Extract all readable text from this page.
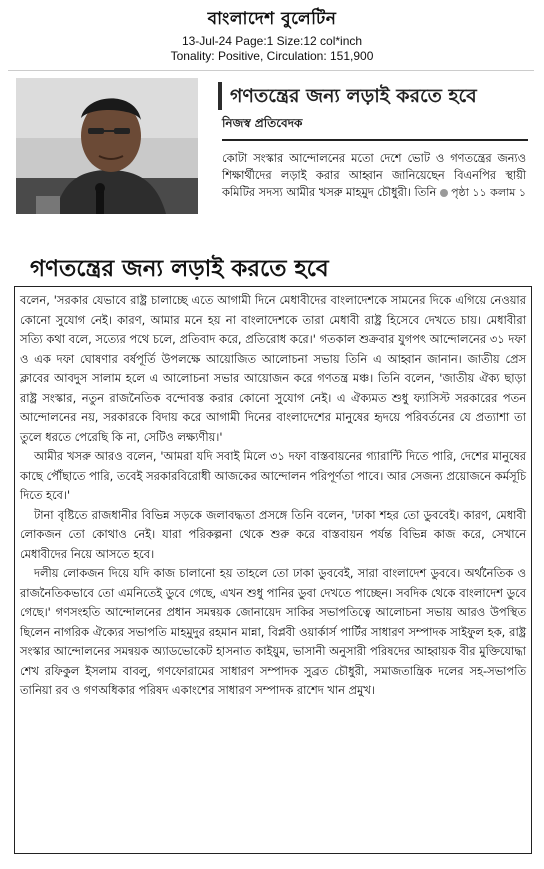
বাংলাদেশ বুলেটিন
13-Jul-24 Page:1 Size:12 col*inch
Tonality: Positive, Circulation: 151,900
গণতন্ত্রের জন্য লড়াই করতে হবে
নিজস্ব প্রতিবেদক
কোটা সংস্কার আন্দোলনের মতো দেশে ভোট ও গণতন্ত্রের জন্যও শিক্ষার্থীদের লড়াই করার আহ্বান জানিয়েছেন বিএনপির স্থায়ী কমিটির সদস্য আমীর খসরু মাহমুদ চৌধুরী। তিনি	পৃষ্ঠা ১১ কলাম ১
গণতন্ত্রের জন্য লড়াই করতে হবে

বলেন, 'সরকার যেভাবে রাষ্ট্র চালাচ্ছে এতে আগামী দিনে মেধাবীদের বাংলাদেশকে সামনের দিকে এগিয়ে নেওয়ার কোনো সুযোগ নেই। কারণ, আমার মনে হয় না বাংলাদেশকে তারা মেধাবী রাষ্ট্র হিসেবে দেখতে চায়। মেধাবীরা সত্যি কথা বলে, সত্যের পথে চলে, প্রতিবাদ করে, প্রতিরোধ করে।' গতকাল শুক্রবার যুগপৎ আন্দোলনের ৩১ দফা ও এক দফা ঘোষণার বর্ষপূর্তি উপলক্ষে আয়োজিত আলোচনা সভায় তিনি এ আহ্বান জানান। জাতীয় প্রেস ক্লাবের আবদুস সালাম হলে এ আলোচনা সভার আয়োজন করে গণতন্ত্র মঞ্চ। তিনি বলেন, 'জাতীয় ঐক্য ছাড়া রাষ্ট্র সংস্কার, নতুন রাজনৈতিক বন্দোবস্ত করার কোনো সুযোগ নেই। এ ঐক্যমত শুধু ফ্যাসিস্ট সরকারের পতন আন্দোলনের নয়, সরকারকে বিদায় করে আগামী দিনের বাংলাদেশের মানুষের হৃদয়ে পরিবর্তনের যে প্রত্যাশা তা তুলে ধরতে পেরেছি কি না, সেটিও লক্ষ্যণীয়।'

আমীর খসরু আরও বলেন, 'আমরা যদি সবাই মিলে ৩১ দফা বাস্তবায়নের গ্যারান্টি দিতে পারি, দেশের মানুষের কাছে পৌঁছাতে পারি, তবেই সরকারবিরোধী আজকের আন্দোলন পরিপূর্ণতা পাবে। আর সেজন্য প্রয়োজনে কর্মসূচি দিতে হবে।'

টানা বৃষ্টিতে রাজধানীর বিভিন্ন সড়কে জলাবদ্ধতা প্রসঙ্গে তিনি বলেন, 'ঢাকা শহর তো ডুববেই। কারণ, মেধাবী লোকজন তো কোথাও নেই। যারা পরিকল্পনা থেকে শুরু করে বাস্তবায়ন পর্যন্ত বিভিন্ন কাজ করে, সেখানে মেধাবীদের নিয়ে আসতে হবে।

দলীয় লোকজন দিয়ে যদি কাজ চালানো হয় তাহলে তো ঢাকা ডুববেই, সারা বাংলাদেশ ডুববে। অর্থনৈতিক ও রাজনৈতিকভাবে তো এমনিতেই ডুবে গেছে, এখন শুধু পানির ডুবা দেখতে পাচ্ছেন। সবদিক থেকে বাংলাদেশ ডুবে গেছে।' গণসংহতি আন্দোলনের প্রধান সমন্বয়ক জোনায়েদ সাকির সভাপতিত্বে আলোচনা সভায় আরও উপস্থিত ছিলেন নাগরিক ঐক্যের সভাপতি মাহমুদুর রহমান মান্না, বিপ্লবী ওয়ার্কার্স পার্টির সাধারণ সম্পাদক সাইফুল হক, রাষ্ট্র সংস্কার আন্দোলনের সমন্বয়ক অ্যাডভোকেট হাসনাত কাইয়ুম, ভাসানী অনুসারী পরিষদের আহ্বায়ক বীর মুক্তিযোদ্ধা শেখ রফিকুল ইসলাম বাবলু, গণফোরামের সাধারণ সম্পাদক সুব্রত চৌধুরী, সমাজতান্ত্রিক দলের সহ-সভাপতি তানিয়া রব ও গণঅধিকার পরিষদ একাংশের সাধারণ সম্পাদক রাশেদ খান প্রমুখ।
